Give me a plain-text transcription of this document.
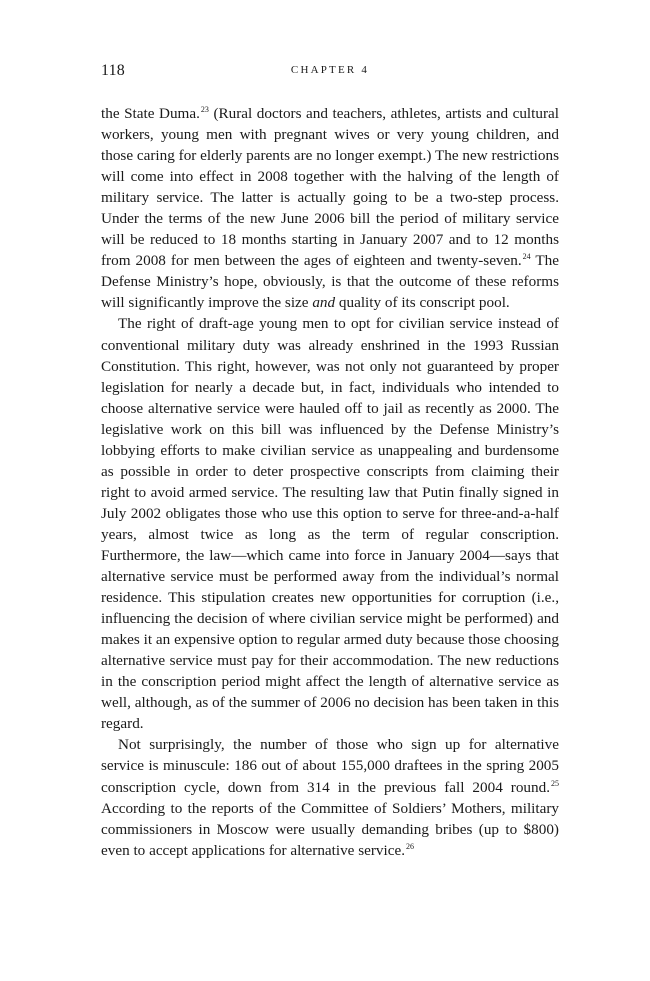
118	CHAPTER 4

the State Duma.$^{23}$ (Rural doctors and teachers, athletes, artists and cultural workers, young men with pregnant wives or very young children, and those caring for elderly parents are no longer exempt.) The new restrictions will come into effect in 2008 together with the halving of the length of military service. The latter is actually going to be a two-step process. Under the terms of the new June 2006 bill the period of military service will be reduced to 18 months starting in January 2007 and to 12 months from 2008 for men between the ages of eighteen and twenty-seven.$^{24}$ The Defense Ministry’s hope, obviously, is that the outcome of these reforms will significantly improve the size and quality of its conscript pool.

The right of draft-age young men to opt for civilian service instead of conventional military duty was already enshrined in the 1993 Russian Constitution. This right, however, was not only not guaranteed by proper legislation for nearly a decade but, in fact, individuals who intended to choose alternative service were hauled off to jail as recently as 2000. The legislative work on this bill was influenced by the Defense Ministry’s lobbying efforts to make civilian service as unappealing and burdensome as possible in order to deter prospective conscripts from claiming their right to avoid armed service. The resulting law that Putin finally signed in July 2002 obligates those who use this option to serve for three-and-a-half years, almost twice as long as the term of regular conscription. Furthermore, the law—which came into force in January 2004—says that alternative service must be performed away from the individual’s normal residence. This stipulation creates new opportunities for corruption (i.e., influencing the decision of where civilian service might be performed) and makes it an expensive option to regular armed duty because those choosing alternative service must pay for their accommodation. The new reductions in the conscription period might affect the length of alternative service as well, although, as of the summer of 2006 no decision has been taken in this regard.

Not surprisingly, the number of those who sign up for alternative service is minuscule: 186 out of about 155,000 draftees in the spring 2005 conscription cycle, down from 314 in the previous fall 2004 round.$^{25}$ According to the reports of the Committee of Soldiers’ Mothers, military commissioners in Moscow were usually demanding bribes (up to $800) even to accept applications for alternative service.$^{26}$
